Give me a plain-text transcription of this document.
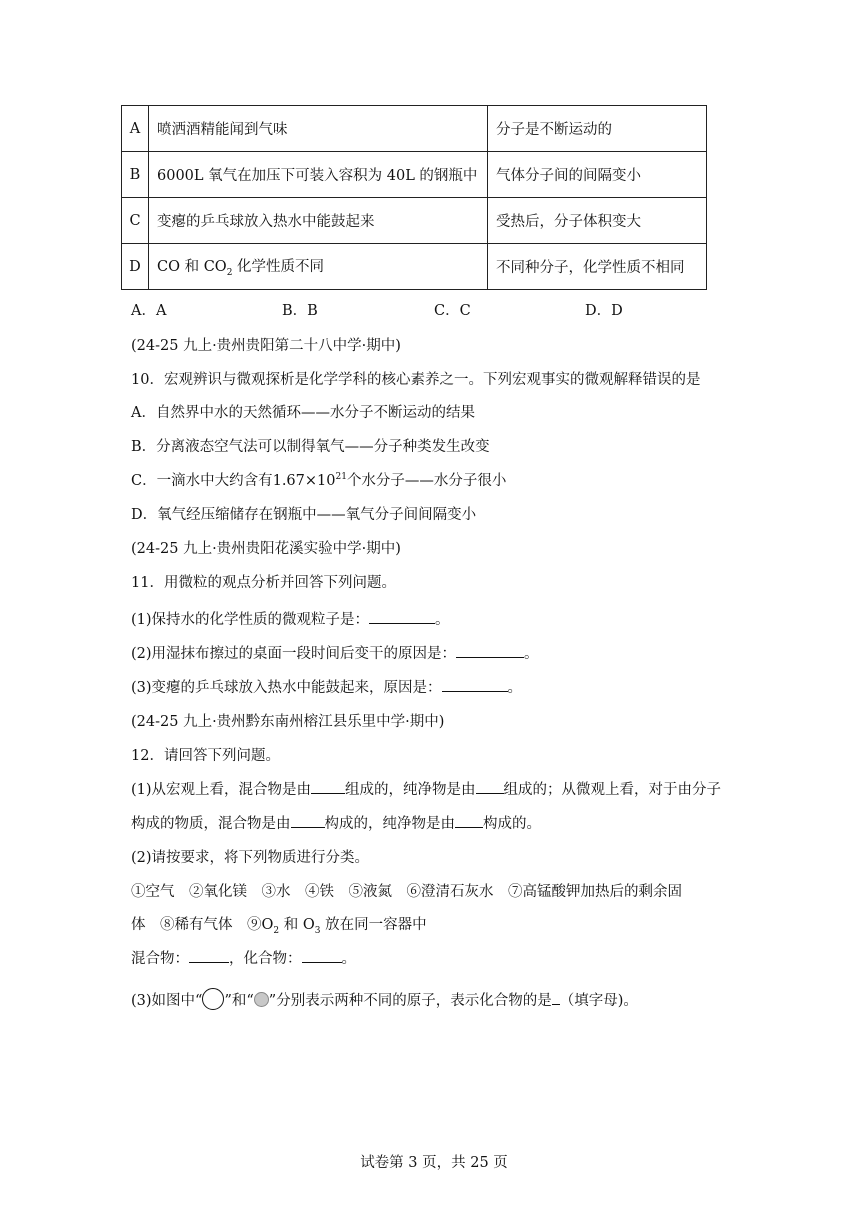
A	喷洒酒精能闻到气味	分子是不断运动的
B	6000L 氧气在加压下可装入容积为 40L 的钢瓶中	气体分子间的间隔变小
C	变瘪的乒乓球放入热水中能鼓起来	受热后，分子体积变大
D	CO 和 $CO_2$ 化学性质不同	不同种分子，化学性质不相同
A．A	B．B	C．C	D．D
(24-25 九上·贵州贵阳第二十八中学·期中)
10．宏观辨识与微观探析是化学学科的核心素养之一。下列宏观事实的微观解释错误的是
A．自然界中水的天然循环——水分子不断运动的结果
B．分离液态空气法可以制得氧气——分子种类发生改变
C．一滴水中大约含有$1.67\times 10^{21}$个水分子——水分子很小
D．氧气经压缩储存在钢瓶中——氧气分子间间隔变小
(24-25 九上·贵州贵阳花溪实验中学·期中)
11．用微粒的观点分析并回答下列问题。
(1)保持水的化学性质的微观粒子是：	。
(2)用湿抹布擦过的桌面一段时间后变干的原因是：	。
(3)变瘪的乒乓球放入热水中能鼓起来，原因是：	。
(24-25 九上·贵州黔东南州榕江县乐里中学·期中)
12．请回答下列问题。
(1)从宏观上看，混合物是由 组成的，纯净物是由 组成的；从微观上看，对于由分子
构成的物质，混合物是由 构成的，纯净物是由 构成的。
(2)请按要求，将下列物质进行分类。
①空气　②氧化镁　③水　④铁　⑤液氮　⑥澄清石灰水　⑦高锰酸钾加热后的剩余固
体　⑧稀有气体　$⑨O_2$ 和 $O_3$ 放在同一容器中
混合物：	，化合物：	。
(3)如图中“ ”和“ ”分别表示两种不同的原子，表示化合物的是 （填字母)。
试卷第 3 页，共 25 页
